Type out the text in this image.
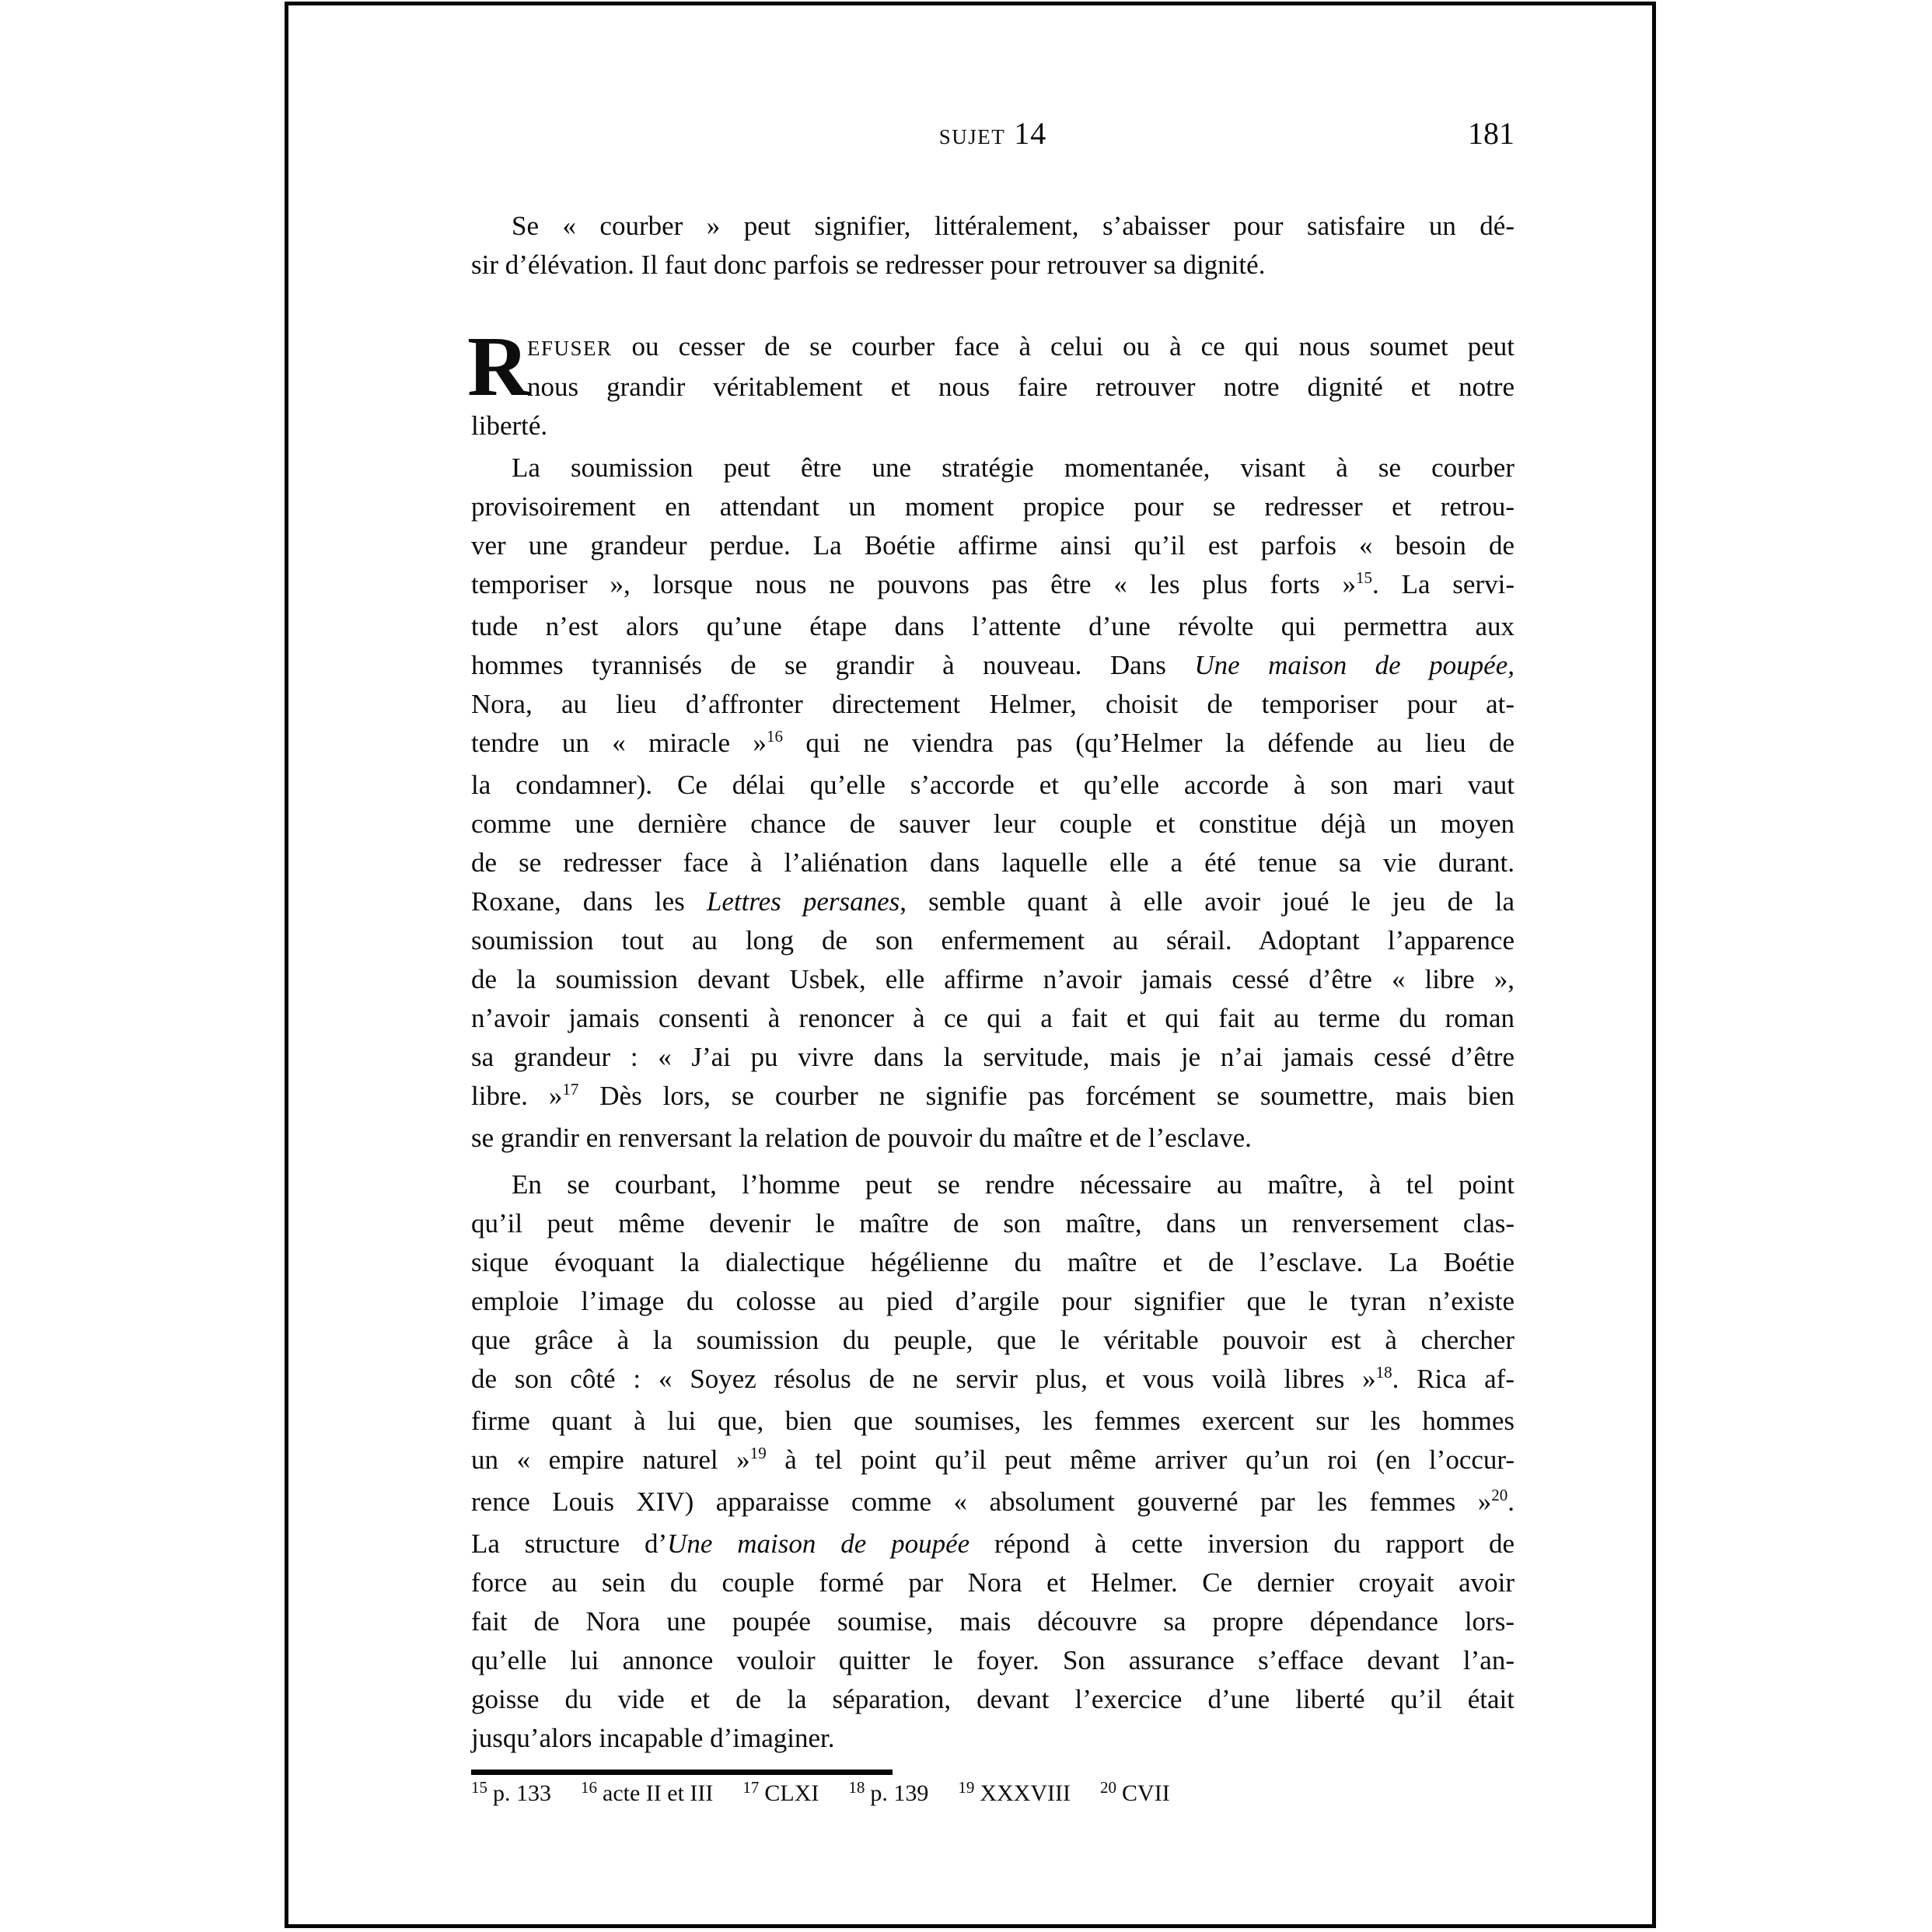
SUJET 14	181
Se « courber » peut signifier, littéralement, s’abaisser pour satisfaire un dé-
sir d’élévation. Il faut donc parfois se redresser pour retrouver sa dignité.
R
EFUSER ou cesser de se courber face à celui ou à ce qui nous soumet peut
nous grandir véritablement et nous faire retrouver notre dignité et notre
liberté.
La soumission peut être une stratégie momentanée, visant à se courber
provisoirement en attendant un moment propice pour se redresser et retrou-
ver une grandeur perdue. La Boétie affirme ainsi qu’il est parfois « besoin de
temporiser », lorsque nous ne pouvons pas être « les plus forts »$^{15}$. La servi-
tude n’est alors qu’une étape dans l’attente d’une révolte qui permettra aux
hommes tyrannisés de se grandir à nouveau. Dans Une maison de poupée,
Nora, au lieu d’affronter directement Helmer, choisit de temporiser pour at-
tendre un « miracle »$^{16}$ qui ne viendra pas (qu’Helmer la défende au lieu de
la condamner). Ce délai qu’elle s’accorde et qu’elle accorde à son mari vaut
comme une dernière chance de sauver leur couple et constitue déjà un moyen
de se redresser face à l’aliénation dans laquelle elle a été tenue sa vie durant.
Roxane, dans les Lettres persanes, semble quant à elle avoir joué le jeu de la
soumission tout au long de son enfermement au sérail. Adoptant l’apparence
de la soumission devant Usbek, elle affirme n’avoir jamais cessé d’être « libre »,
n’avoir jamais consenti à renoncer à ce qui a fait et qui fait au terme du roman
sa grandeur : « J’ai pu vivre dans la servitude, mais je n’ai jamais cessé d’être
libre. »$^{17}$ Dès lors, se courber ne signifie pas forcément se soumettre, mais bien
se grandir en renversant la relation de pouvoir du maître et de l’esclave.
En se courbant, l’homme peut se rendre nécessaire au maître, à tel point
qu’il peut même devenir le maître de son maître, dans un renversement clas-
sique évoquant la dialectique hégélienne du maître et de l’esclave. La Boétie
emploie l’image du colosse au pied d’argile pour signifier que le tyran n’existe
que grâce à la soumission du peuple, que le véritable pouvoir est à chercher
de son côté : « Soyez résolus de ne servir plus, et vous voilà libres »$^{18}$. Rica af-
firme quant à lui que, bien que soumises, les femmes exercent sur les hommes
un « empire naturel »$^{19}$ à tel point qu’il peut même arriver qu’un roi (en l’occur-
rence Louis XIV) apparaisse comme « absolument gouverné par les femmes »$^{20}$.
La structure d’Une maison de poupée répond à cette inversion du rapport de
force au sein du couple formé par Nora et Helmer. Ce dernier croyait avoir
fait de Nora une poupée soumise, mais découvre sa propre dépendance lors-
qu’elle lui annonce vouloir quitter le foyer. Son assurance s’efface devant l’an-
goisse du vide et de la séparation, devant l’exercice d’une liberté qu’il était
jusqu’alors incapable d’imaginer.
$^{15}$ p. 133 $^{16}$ acte II et III $^{17}$ CLXI $^{18}$ p. 139 $^{19}$ XXXVIII $^{20}$ CVII
